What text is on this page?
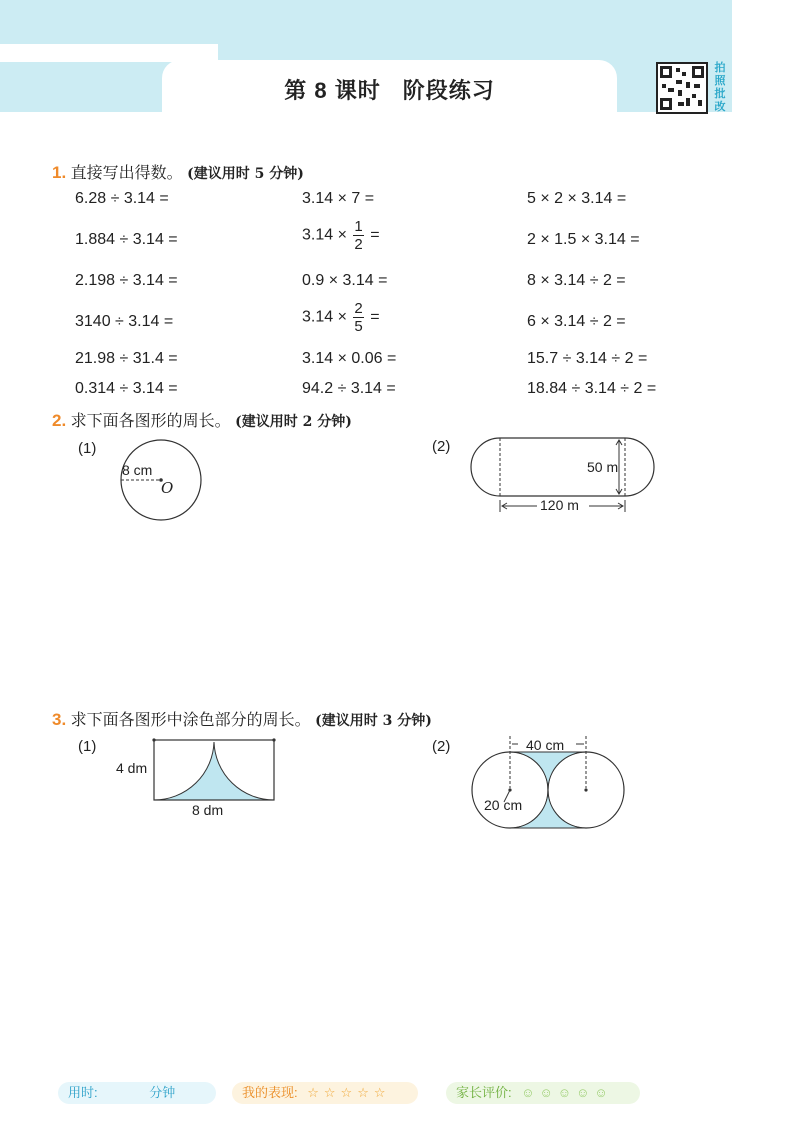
第 8 课时 阶段练习
拍
照
批
改
1. 直接写出得数。 (建议用时 5 分钟)
6.28 ÷ 3.14 =	3.14 × 7 =	5 × 2 × 3.14 =
1.884 ÷ 3.14 =	$3.14 \times \frac{1}{2}$ =	2 × 1.5 × 3.14 =
2.198 ÷ 3.14 =	0.9 × 3.14 =	8 × 3.14 ÷ 2 =
3140 ÷ 3.14 =	$3.14 \times \frac{2}{5}$ =	6 × 3.14 ÷ 2 =
21.98 ÷ 31.4 =	3.14 × 0.06 =	15.7 ÷ 3.14 ÷ 2 =
0.314 ÷ 3.14 =	94.2 ÷ 3.14 =	18.84 ÷ 3.14 ÷ 2 =
2. 求下面各图形的周长。 (建议用时 2 分钟)
(1)	(2)
8 cm
O
50 m
120 m
3. 求下面各图形中涂色部分的周长。 (建议用时 3 分钟)
(1)	(2)
4 dm
8 dm
40 cm
20 cm
用时:	分钟	我的表现: ☆☆☆☆☆	家长评价: ☺☺☺☺☺
